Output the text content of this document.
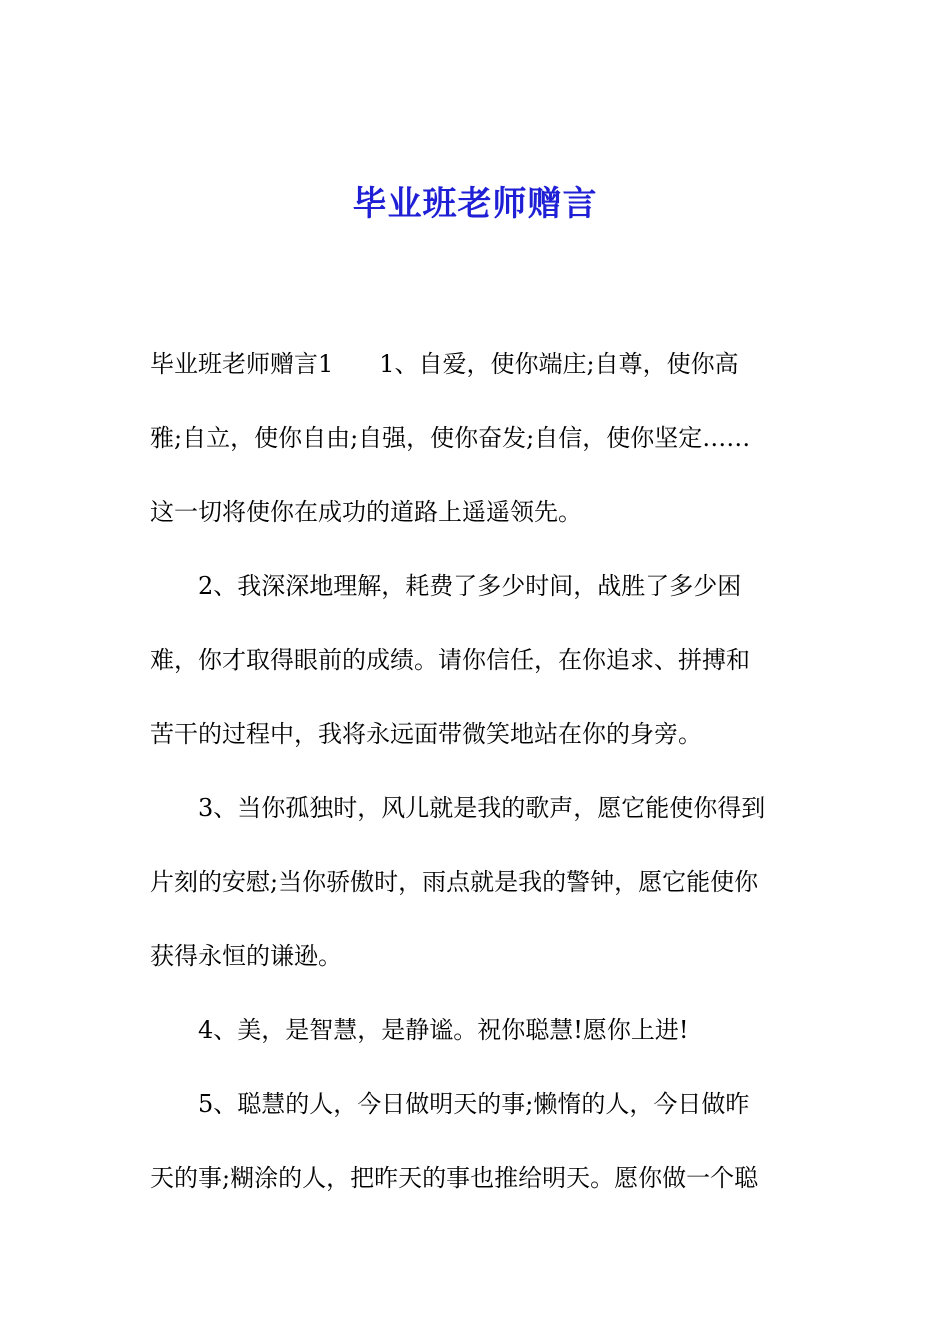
毕业班老师赠言
毕业班老师赠言1 1、自爱，使你端庄;自尊，使你高
雅;自立，使你自由;自强，使你奋发;自信，使你坚定……
这一切将使你在成功的道路上遥遥领先。
2、我深深地理解，耗费了多少时间，战胜了多少困
难，你才取得眼前的成绩。请你信任，在你追求、拼搏和
苦干的过程中，我将永远面带微笑地站在你的身旁。
3、当你孤独时，风儿就是我的歌声，愿它能使你得到
片刻的安慰;当你骄傲时，雨点就是我的警钟，愿它能使你
获得永恒的谦逊。
4、美，是智慧，是静谧。祝你聪慧!愿你上进!
5、聪慧的人，今日做明天的事;懒惰的人，今日做昨
天的事;糊涂的人，把昨天的事也推给明天。愿你做一个聪
